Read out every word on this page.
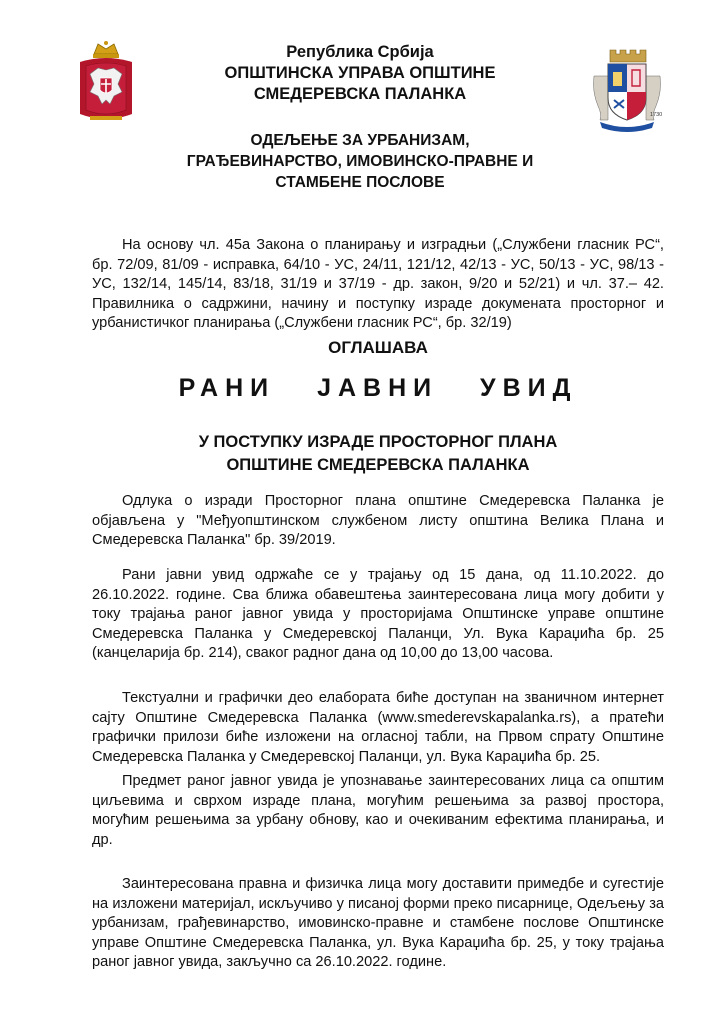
Република Србија
ОПШТИНСКА УПРАВА ОПШТИНЕ
СМЕДЕРЕВСКА ПАЛАНКА
1730
ОДЕЉЕЊЕ ЗА УРБАНИЗАМ,
ГРАЂЕВИНАРСТВО, ИМОВИНСКО-ПРАВНЕ И
СТАМБЕНЕ ПОСЛОВЕ
На основу чл. 45а Закона о планирању и изградњи („Службени гласник РС“, бр. 72/09, 81/09 - исправка, 64/10 - УС, 24/11, 121/12, 42/13 - УС, 50/13 - УС, 98/13 - УС, 132/14, 145/14, 83/18, 31/19 и 37/19 - др. закон, 9/20 и 52/21) и чл. 37.– 42. Правилника о садржини, начину и поступку израде докумената просторног и урбанистичког планирања („Службени гласник РС“, бр. 32/19)
ОГЛАШАВА
РАНИ ЈАВНИ УВИД
У ПОСТУПКУ ИЗРАДЕ ПРОСТОРНОГ ПЛАНА
ОПШТИНЕ СМЕДЕРЕВСКА ПАЛАНКА
Одлука о изради Просторног плана општине Смедеревска Паланка је објављена у "Међуопштинском службеном листу општина Велика Плана и Смедеревска Паланка" бр. 39/2019.
Рани јавни увид одржаће се у трајању од 15 дана, од 11.10.2022. до 26.10.2022. године. Сва ближа обавештења заинтересована лица могу добити у току трајања раног јавног увида у просторијама Општинске управе општине Смедеревска Паланка у Смедеревској Паланци, Ул. Вука Караџића бр. 25 (канцеларија бр. 214), сваког радног дана од 10,00 до 13,00 часова.
Текстуални и графички део елабората биће доступан на званичном интернет сајту Општине Смедеревска Паланка (www.smederevskapalanka.rs), а пратећи графички прилози биће изложени на огласној табли, на Првом спрату Општине Смедеревска Паланка у Смедеревској Паланци, ул. Вука Караџића бр. 25.
Предмет раног јавног увида је упознавање заинтересованих лица са општим циљевима и сврхом израде плана, могућим решењима за развој простора, могућим решењима за урбану обнову, као и очекиваним ефектима планирања, и др.
Заинтересована правна и физичка лица могу доставити примедбе и сугестије на изложени материјал, искључиво у писаној форми преко писарнице, Одељењу за урбанизам, грађевинарство, имовинско-правне и стамбене послове Општинске управе Општине Смедеревска Паланка, ул. Вука Караџића бр. 25, у току трајања раног јавног увида, закључно са 26.10.2022. године.
